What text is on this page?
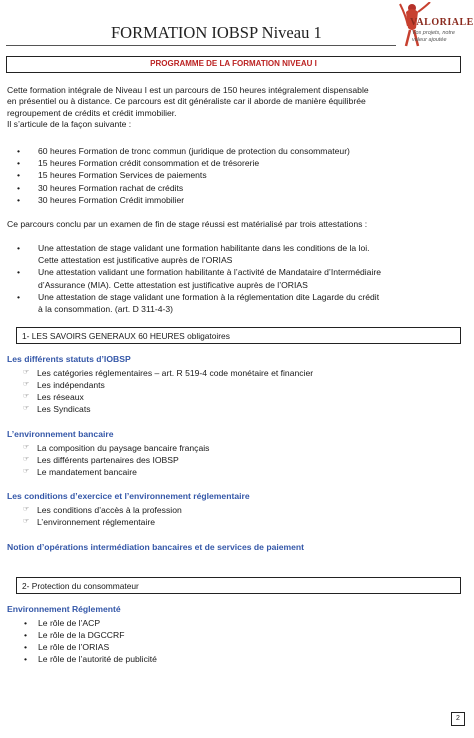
FORMATION IOBSP Niveau 1
VALORIALE
Vos projets, notre valeur ajoutée
PROGRAMME DE LA FORMATION NIVEAU I
Cette formation intégrale de Niveau I est un parcours de 150 heures intégralement dispensable
en présentiel ou à distance. Ce parcours est dit généraliste car il aborde de manière équilibrée
regroupement de crédits et crédit immobilier.
Il s’articule de la façon suivante :
• 60 heures Formation de tronc commun (juridique de protection du consommateur)
• 15 heures Formation crédit consommation et de trésorerie
• 15 heures Formation Services de paiements
• 30 heures Formation rachat de crédits
• 30 heures Formation Crédit immobilier
Ce parcours conclu par un examen de fin de stage réussi est matérialisé par trois attestations :
• Une attestation de stage validant une formation habilitante dans les conditions de la loi.
Cette attestation est justificative auprès de l’ORIAS
• Une attestation validant une formation habilitante à l’activité de Mandataire d’Intermédiaire
d’Assurance (MIA). Cette attestation est justificative auprès de l’ORIAS
• Une attestation de stage validant une formation à la réglementation dite Lagarde du crédit
à la consommation. (art. D 311-4-3)
1- LES SAVOIRS GENERAUX 60 HEURES obligatoires
Les différents statuts d’IOBSP
☞ Les catégories réglementaires – art. R 519-4 code monétaire et financier
☞ Les indépendants
☞ Les réseaux
☞ Les Syndicats
L’environnement bancaire
☞ La composition du paysage bancaire français
☞ Les différents partenaires des IOBSP
☞ Le mandatement bancaire
Les conditions d’exercice et l’environnement réglementaire
☞ Les conditions d’accès à la profession
☞ L’environnement réglementaire
Notion d’opérations intermédiation bancaires et de services de paiement
2- Protection du consommateur
Environnement Réglementé
• Le rôle de l’ACP
• Le rôle de la DGCCRF
• Le rôle de l’ORIAS
• Le rôle de l’autorité de publicité
2
